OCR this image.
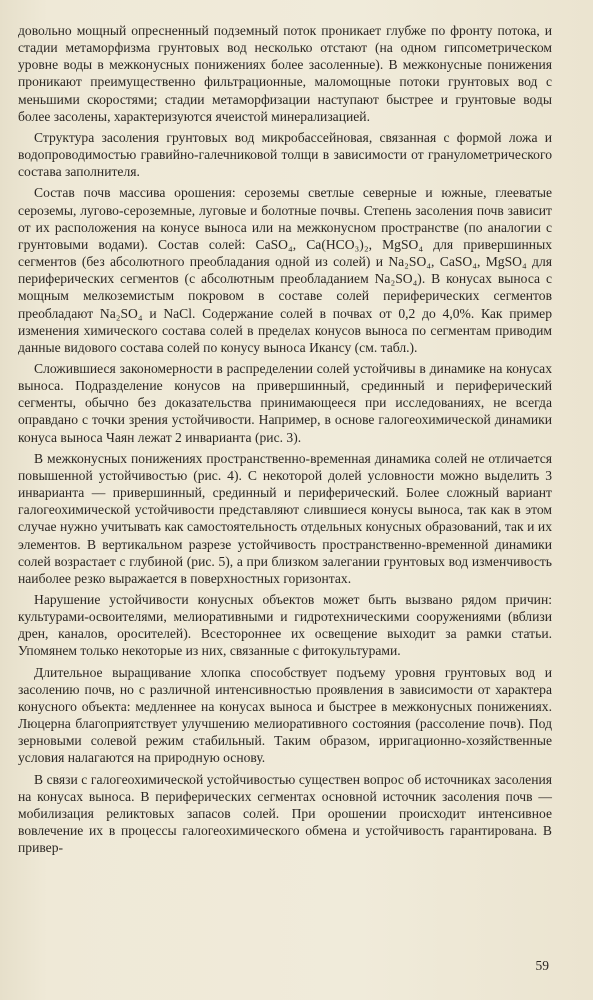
довольно мощный опресненный подземный поток проникает глубже по фронту потока, и стадии метаморфизма грунтовых вод несколько отстают (на одном гипсометрическом уровне воды в межконусных понижениях более засоленные). В межконусные понижения проникают преимущественно фильтрационные, маломощные потоки грунтовых вод с меньшими скоростями; стадии метаморфизации наступают быстрее и грунтовые воды более засолены, характеризуются ячеистой минерализацией.

Структура засоления грунтовых вод микробассейновая, связанная с формой ложа и водопроводимостью гравийно-галечниковой толщи в зависимости от гранулометрического состава заполнителя.

Состав почв массива орошения: сероземы светлые северные и южные, глееватые сероземы, лугово-сероземные, луговые и болотные почвы. Степень засоления почв зависит от их расположения на конусе выноса или на межконусном пространстве (по аналогии с грунтовыми водами). Состав солей: CaSO₄, Ca(HCO₃)₂, MgSO₄ для привершинных сегментов (без абсолютного преобладания одной из солей) и Na₂SO₄, CaSO₄, MgSO₄ для периферических сегментов (с абсолютным преобладанием Na₂SO₄). В конусах выноса с мощным мелкоземистым покровом в составе солей периферических сегментов преобладают Na₂SO₄ и NaCl. Содержание солей в почвах от 0,2 до 4,0%. Как пример изменения химического состава солей в пределах конусов выноса по сегментам приводим данные видового состава солей по конусу выноса Икансу (см. табл.).

Сложившиеся закономерности в распределении солей устойчивы в динамике на конусах выноса. Подразделение конусов на привершинный, срединный и периферический сегменты, обычно без доказательства принимающееся при исследованиях, не всегда оправдано с точки зрения устойчивости. Например, в основе галогеохимической динамики конуса выноса Чаян лежат 2 инварианта (рис. 3).

В межконусных понижениях пространственно-временная динамика солей не отличается повышенной устойчивостью (рис. 4). С некоторой долей условности можно выделить 3 инварианта — привершинный, срединный и периферический. Более сложный вариант галогеохимической устойчивости представляют слившиеся конусы выноса, так как в этом случае нужно учитывать как самостоятельность отдельных конусных образований, так и их элементов. В вертикальном разрезе устойчивость пространственно-временной динамики солей возрастает с глубиной (рис. 5), а при близком залегании грунтовых вод изменчивость наиболее резко выражается в поверхностных горизонтах.

Нарушение устойчивости конусных объектов может быть вызвано рядом причин: культурами-освоителями, мелиоративными и гидротехническими сооружениями (вблизи дрен, каналов, оросителей). Всестороннее их освещение выходит за рамки статьи. Упомянем только некоторые из них, связанные с фитокультурами.

Длительное выращивание хлопка способствует подъему уровня грунтовых вод и засолению почв, но с различной интенсивностью проявления в зависимости от характера конусного объекта: медленнее на конусах выноса и быстрее в межконусных понижениях. Люцерна благоприятствует улучшению мелиоративного состояния (рассоление почв). Под зерновыми солевой режим стабильный. Таким образом, ирригационно-хозяйственные условия налагаются на природную основу.

В связи с галогеохимической устойчивостью существен вопрос об источниках засоления на конусах выноса. В периферических сегментах основной источник засоления почв — мобилизация реликтовых запасов солей. При орошении происходит интенсивное вовлечение их в процессы галогеохимического обмена и устойчивость гарантирована. В привер-

59
